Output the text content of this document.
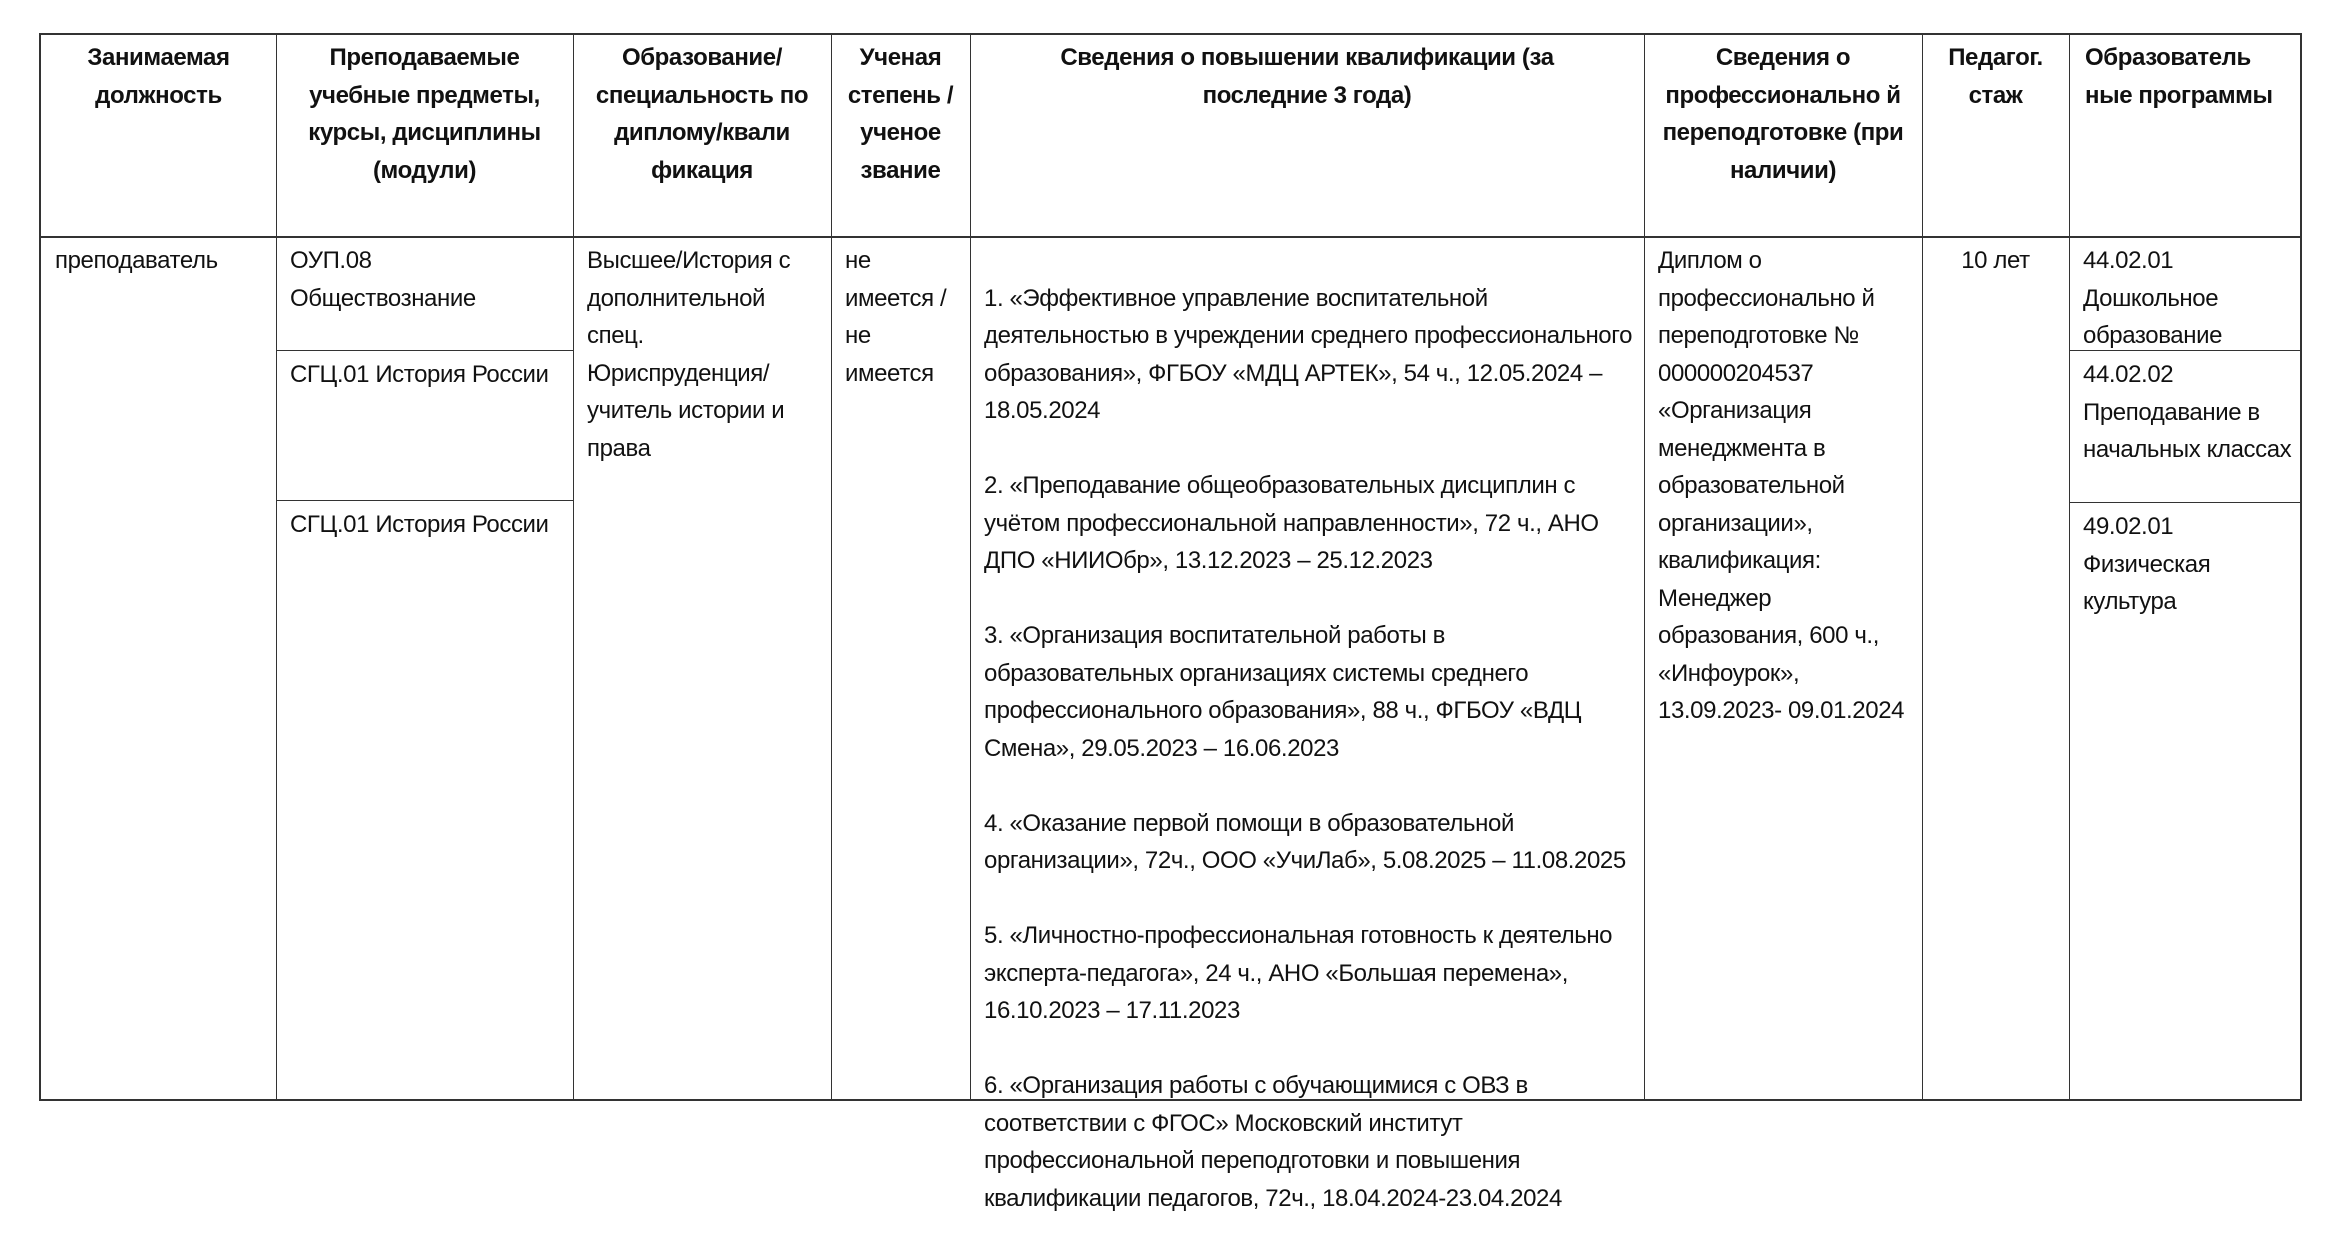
Занимаемая должность
Преподаваемые учебные предметы, курсы, дисциплины (модули)
Образование/ специальность по диплому/квали фикация
Ученая степень /ученое звание
Сведения о повышении квалификации (за последние 3 года)
Сведения о профессионально й переподготовке (при наличии)
Педагог. стаж
Образователь ные программы
преподаватель	ОУП.08 Обществознание
СГЦ.01 История России
СГЦ.01 История России
Высшее/История с дополнительной спец. Юриспруденция/ учитель истории и права
не имеется /не имеется

1. «Эффективное управление воспитательной деятельностью в учреждении среднего профессионального образования», ФГБОУ «МДЦ АРТЕК», 54 ч., 12.05.2024 – 18.05.2024

2. «Преподавание общеобразовательных дисциплин с учётом профессиональной направленности», 72 ч., АНО ДПО «НИИОбр», 13.12.2023 – 25.12.2023

3. «Организация воспитательной работы в образовательных организациях системы среднего профессионального образования», 88 ч., ФГБОУ «ВДЦ Смена», 29.05.2023 – 16.06.2023

4. «Оказание первой помощи в образовательной организации», 72ч., ООО «УчиЛаб», 5.08.2025 – 11.08.2025

5. «Личностно-профессиональная готовность к деятельно эксперта-педагога», 24 ч., АНО «Большая перемена», 16.10.2023 – 17.11.2023

6. «Организация работы с обучающимися с ОВЗ в соответствии с ФГОС» Московский институт профессиональной переподготовки и повышения квалификации педагогов, 72ч., 18.04.2024-23.04.2024

Диплом о профессионально й переподготовке № 000000204537 «Организация менеджмента в образовательной организации», квалификация: Менеджер образования, 600 ч., «Инфоурок», 13.09.2023- 09.01.2024
10 лет	44.02.01 Дошкольное образование
44.02.02 Преподавание в начальных классах
49.02.01 Физическая культура
